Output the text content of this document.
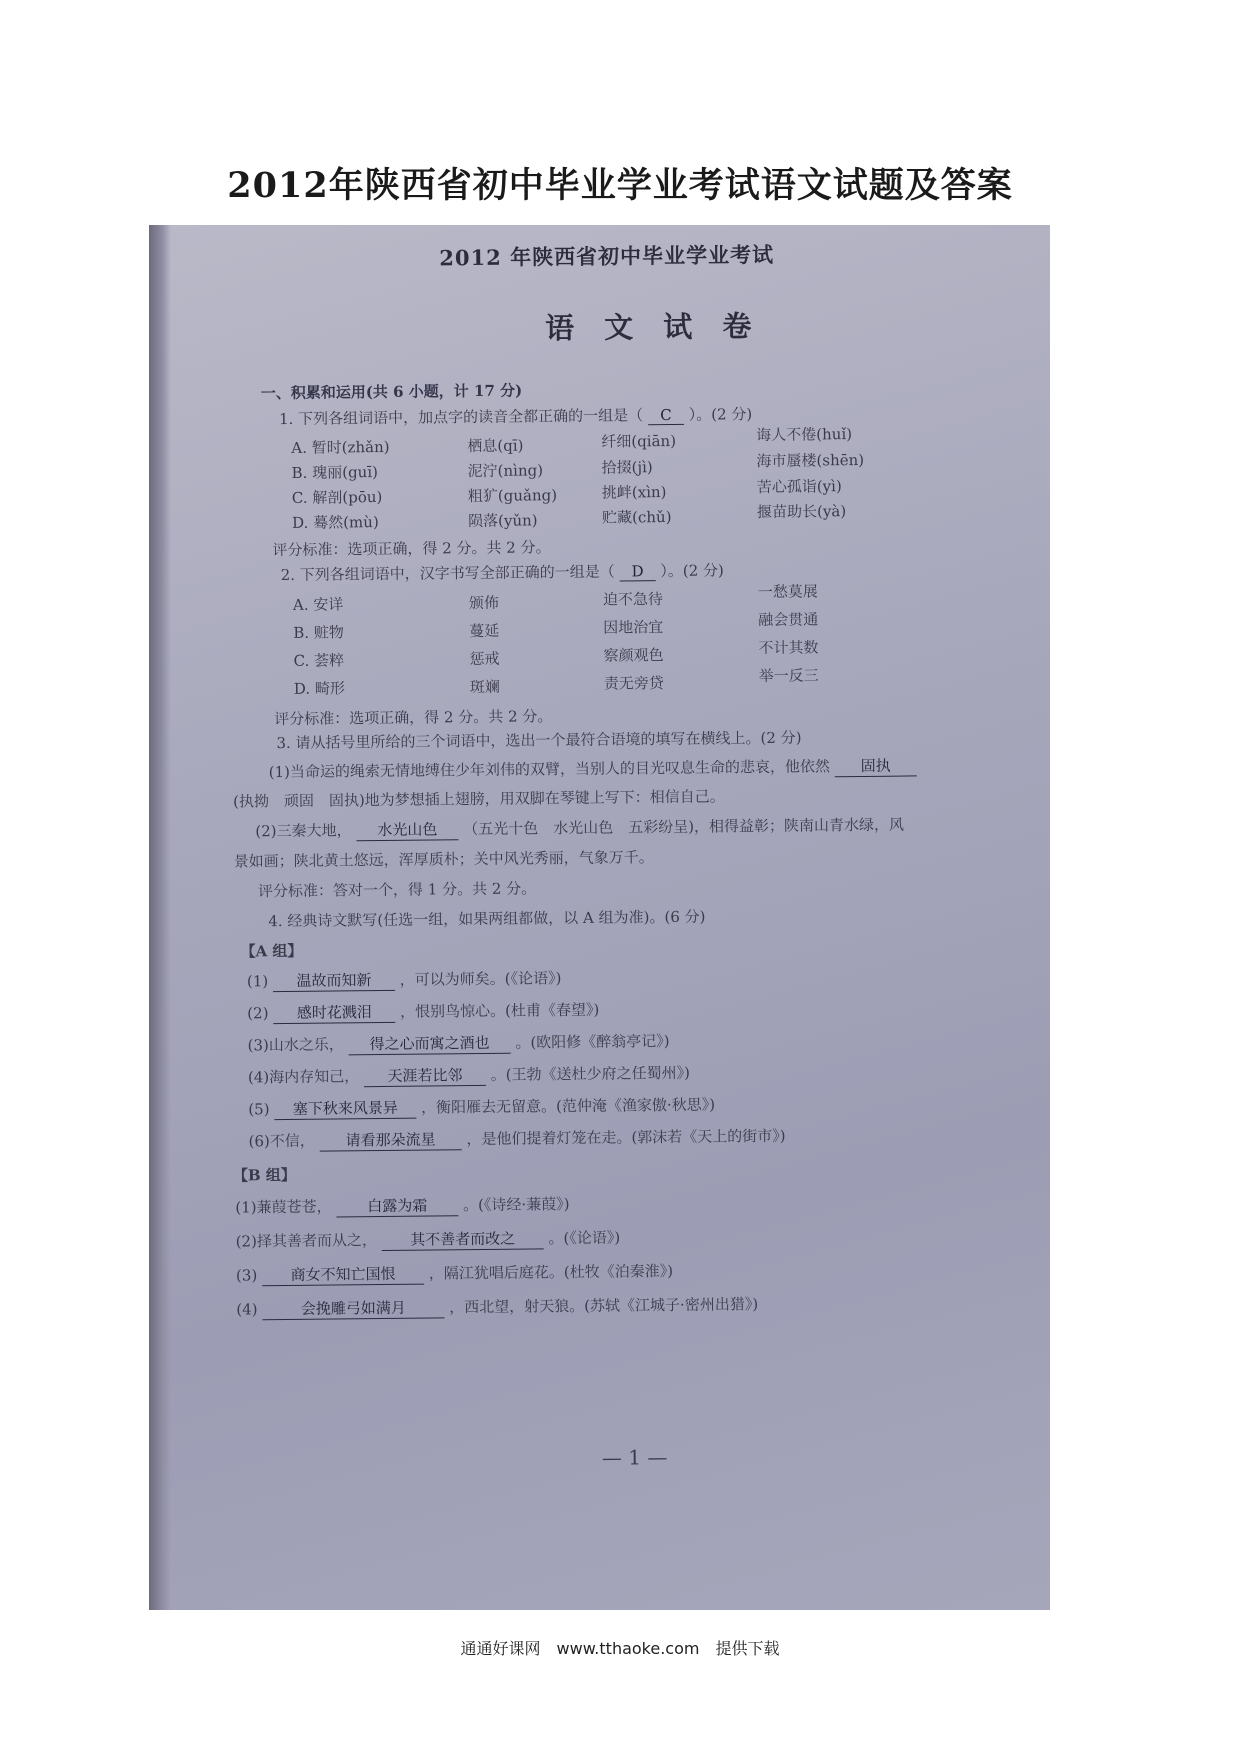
2012年陕西省初中毕业学业考试语文试题及答案
2012 年陕西省初中毕业学业考试
语 文 试 卷
一、积累和运用(共 6 小题，计 17 分)
1. 下列各组词语中，加点字的读音全都正确的一组是（ C ）。(2 分)
A. 暂时(zhǎn)	栖息(qī)	纤细(qiān)	诲人不倦(huǐ)
B. 瑰丽(guī)	泥泞(nìng)	拾掇(jì)	海市蜃楼(shēn)
C. 解剖(pōu)	粗犷(guǎng)	挑衅(xìn)	苦心孤诣(yì)
D. 蓦然(mù)	陨落(yǔn)	贮藏(chǔ)	揠苗助长(yà)
评分标准：选项正确，得 2 分。共 2 分。
2. 下列各组词语中，汉字书写全部正确的一组是（ D ）。(2 分)
A. 安详	颁佈	迫不急待	一愁莫展
B. 赃物	蔓延	因地治宜	融会贯通
C. 荟粹	惩戒	察颜观色	不计其数
D. 畸形	斑斓	责无旁贷	举一反三
评分标准：选项正确，得 2 分。共 2 分。
3. 请从括号里所给的三个词语中，选出一个最符合语境的填写在横线上。(2 分)
(1)当命运的绳索无情地缚住少年刘伟的双臂，当别人的目光叹息生命的悲哀，他依然 固执
(执拗　顽固　固执)地为梦想插上翅膀，用双脚在琴键上写下：相信自己。
(2)三秦大地， 水光山色 （五光十色　水光山色　五彩纷呈)，相得益彰；陕南山青水绿，风
景如画；陕北黄土悠远，浑厚质朴；关中风光秀丽，气象万千。
评分标准：答对一个，得 1 分。共 2 分。
4. 经典诗文默写(任选一组，如果两组都做，以 A 组为准)。(6 分)
【A 组】
(1) 温故而知新 ，可以为师矣。(《论语》)
(2) 感时花溅泪 ，恨别鸟惊心。(杜甫《春望》)
(3)山水之乐， 得之心而寓之酒也 。(欧阳修《醉翁亭记》)
(4)海内存知己， 天涯若比邻 。(王勃《送杜少府之任蜀州》)
(5) 塞下秋来风景异 ，衡阳雁去无留意。(范仲淹《渔家傲·秋思》)
(6)不信， 请看那朵流星 ，是他们提着灯笼在走。(郭沫若《天上的街市》)
【B 组】
(1)蒹葭苍苍， 白露为霜 。(《诗经·蒹葭》)
(2)择其善者而从之， 其不善者而改之 。(《论语》)
(3) 商女不知亡国恨 ，隔江犹唱后庭花。(杜牧《泊秦淮》)
(4)	会挽雕弓如满月	，西北望，射天狼。(苏轼《江城子·密州出猎》)
— 1 —
通通好课网　www.tthaoke.com　提供下载
